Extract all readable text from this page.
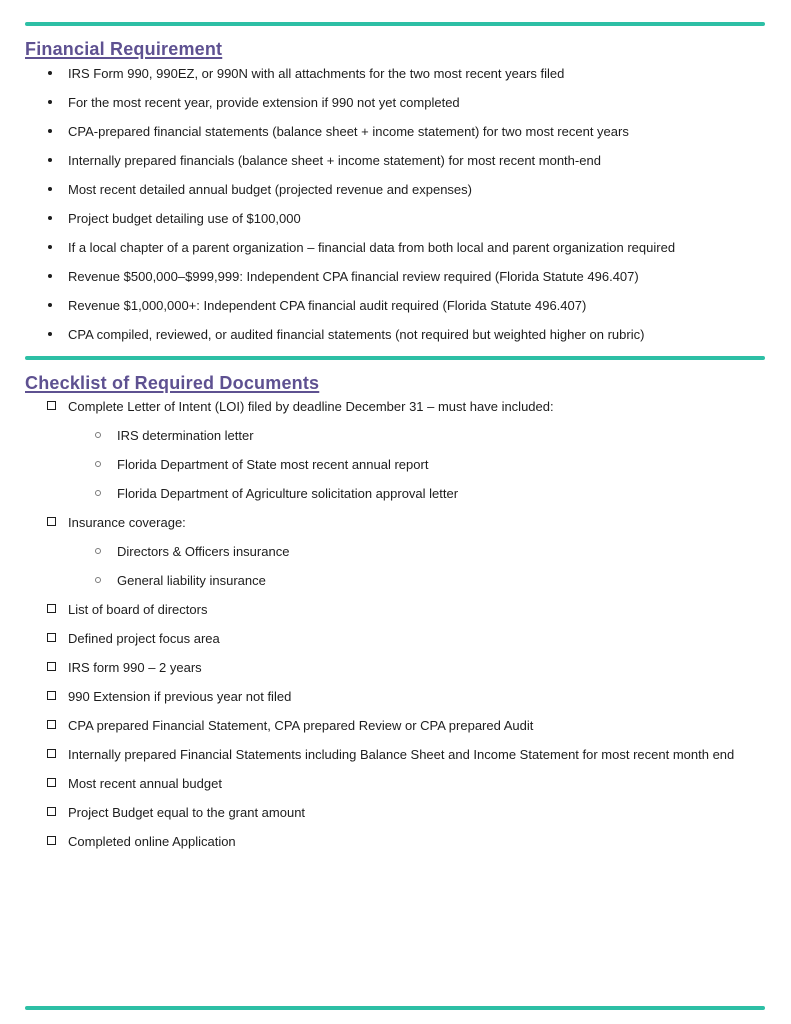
Financial Requirement
IRS Form 990, 990EZ, or 990N with all attachments for the two most recent years filed
For the most recent year, provide extension if 990 not yet completed
CPA-prepared financial statements (balance sheet + income statement) for two most recent years
Internally prepared financials (balance sheet + income statement) for most recent month-end
Most recent detailed annual budget (projected revenue and expenses)
Project budget detailing use of $100,000
If a local chapter of a parent organization – financial data from both local and parent organization required
Revenue $500,000–$999,999: Independent CPA financial review required (Florida Statute 496.407)
Revenue $1,000,000+: Independent CPA financial audit required (Florida Statute 496.407)
CPA compiled, reviewed, or audited financial statements (not required but weighted higher on rubric)
Checklist of Required Documents
Complete Letter of Intent (LOI) filed by deadline December 31 – must have included:
IRS determination letter
Florida Department of State most recent annual report
Florida Department of Agriculture solicitation approval letter
Insurance coverage:
Directors & Officers insurance
General liability insurance
List of board of directors
Defined project focus area
IRS form 990 – 2 years
990 Extension if previous year not filed
CPA prepared Financial Statement, CPA prepared Review or CPA prepared Audit
Internally prepared Financial Statements including Balance Sheet and Income Statement for most recent month end
Most recent annual budget
Project Budget equal to the grant amount
Completed online Application
